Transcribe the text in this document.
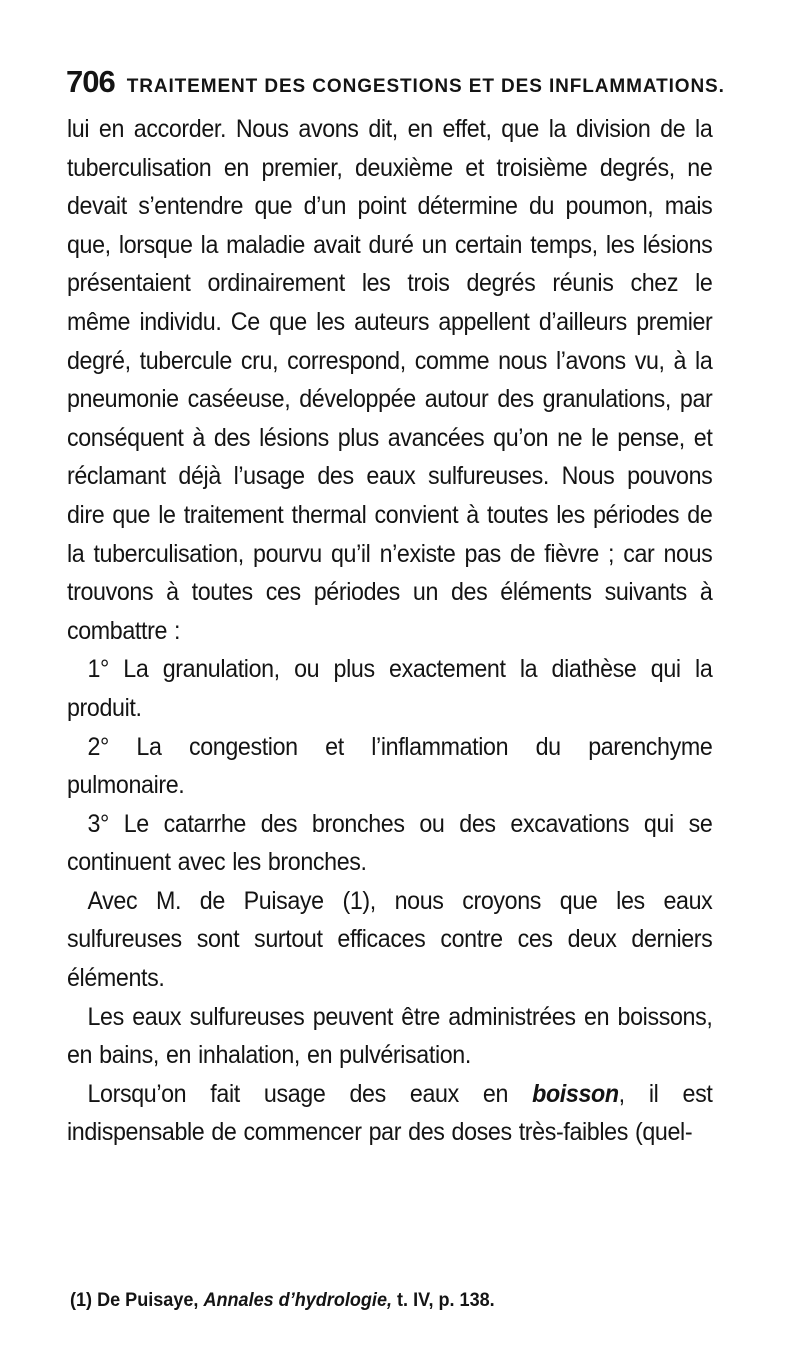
706 TRAITEMENT DES CONGESTIONS ET DES INFLAMMATIONS.

lui en accorder. Nous avons dit, en effet, que la division de la tuberculisation en premier, deuxième et troisième degrés, ne devait s’entendre que d’un point détermine du poumon, mais que, lorsque la maladie avait duré un certain temps, les lésions présentaient ordinairement les trois degrés réunis chez le même individu. Ce que les auteurs appellent d’ailleurs premier degré, tubercule cru, correspond, comme nous l’avons vu, à la pneumonie caséeuse, développée autour des granulations, par conséquent à des lésions plus avancées qu’on ne le pense, et réclamant déjà l’usage des eaux sulfureuses. Nous pouvons dire que le traitement thermal convient à toutes les périodes de la tuberculisation, pourvu qu’il n’existe pas de fièvre ; car nous trouvons à toutes ces périodes un des éléments suivants à combattre :

1° La granulation, ou plus exactement la diathèse qui la produit.

2° La congestion et l’inflammation du parenchyme pulmonaire.

3° Le catarrhe des bronches ou des excavations qui se continuent avec les bronches.

Avec M. de Puisaye (1), nous croyons que les eaux sulfureuses sont surtout efficaces contre ces deux derniers éléments.

Les eaux sulfureuses peuvent être administrées en boissons, en bains, en inhalation, en pulvérisation.

Lorsqu’on fait usage des eaux en boisson, il est indispensable de commencer par des doses très-faibles (quel-

(1) De Puisaye, Annales d’hydrologie, t. IV, p. 138.
